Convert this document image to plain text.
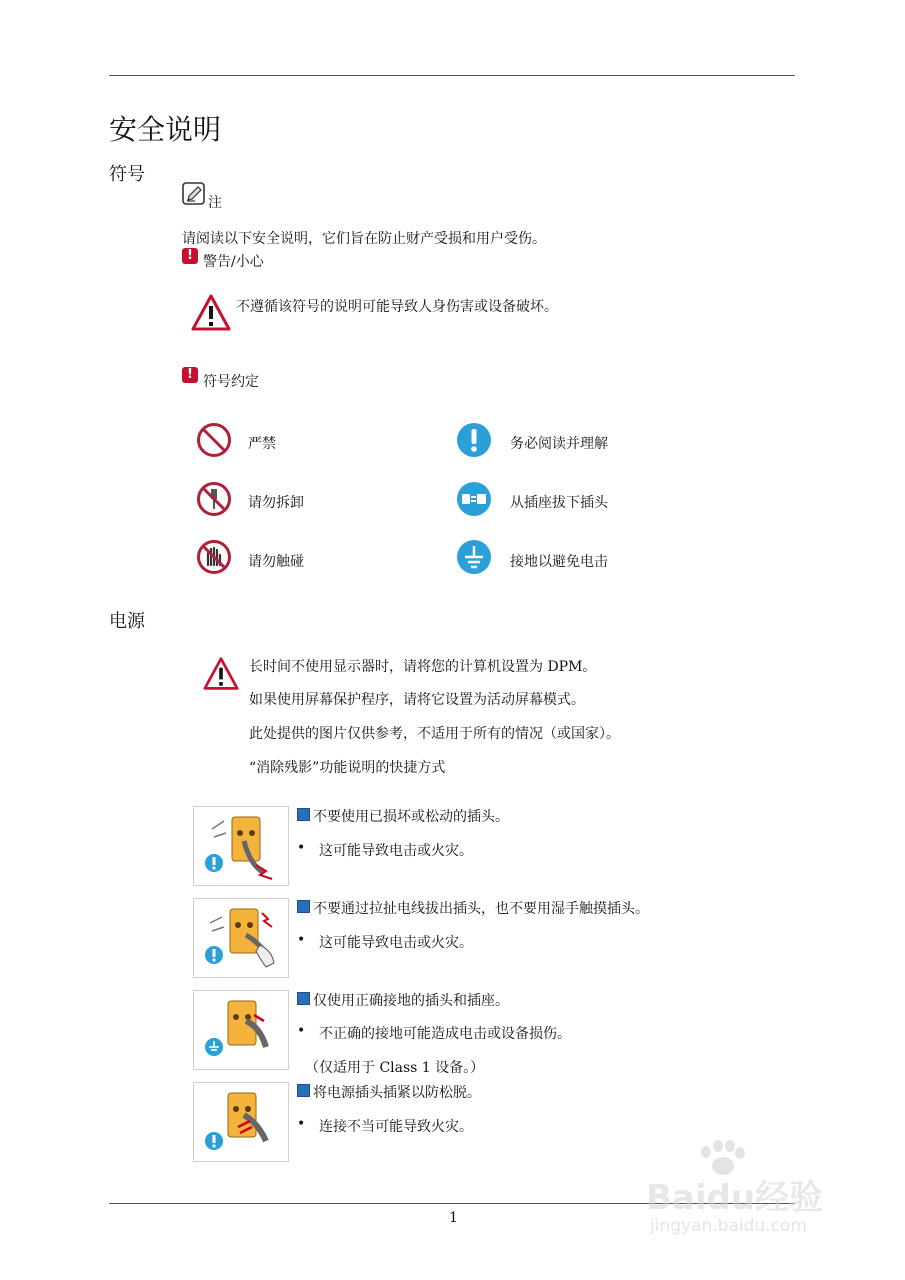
安全说明
符号
注
请阅读以下安全说明，它们旨在防止财产受损和用户受伤。
! 警告/小心
不遵循该符号的说明可能导致人身伤害或设备破坏。
! 符号约定
严禁	务必阅读并理解
请勿拆卸	从插座拔下插头
请勿触碰	接地以避免电击
电源
长时间不使用显示器时，请将您的计算机设置为 DPM。
如果使用屏幕保护程序，请将它设置为活动屏幕模式。
此处提供的图片仅供参考，不适用于所有的情况（或国家）。
“消除残影”功能说明的快捷方式
不要使用已损坏或松动的插头。
• 这可能导致电击或火灾。
不要通过拉扯电线拔出插头，也不要用湿手触摸插头。
• 这可能导致电击或火灾。
仅使用正确接地的插头和插座。
• 不正确的接地可能造成电击或设备损伤。
（仅适用于 Class 1 设备。）
将电源插头插紧以防松脱。
• 连接不当可能导致火灾。
1	Baidu经验
jingyan.baidu.com
